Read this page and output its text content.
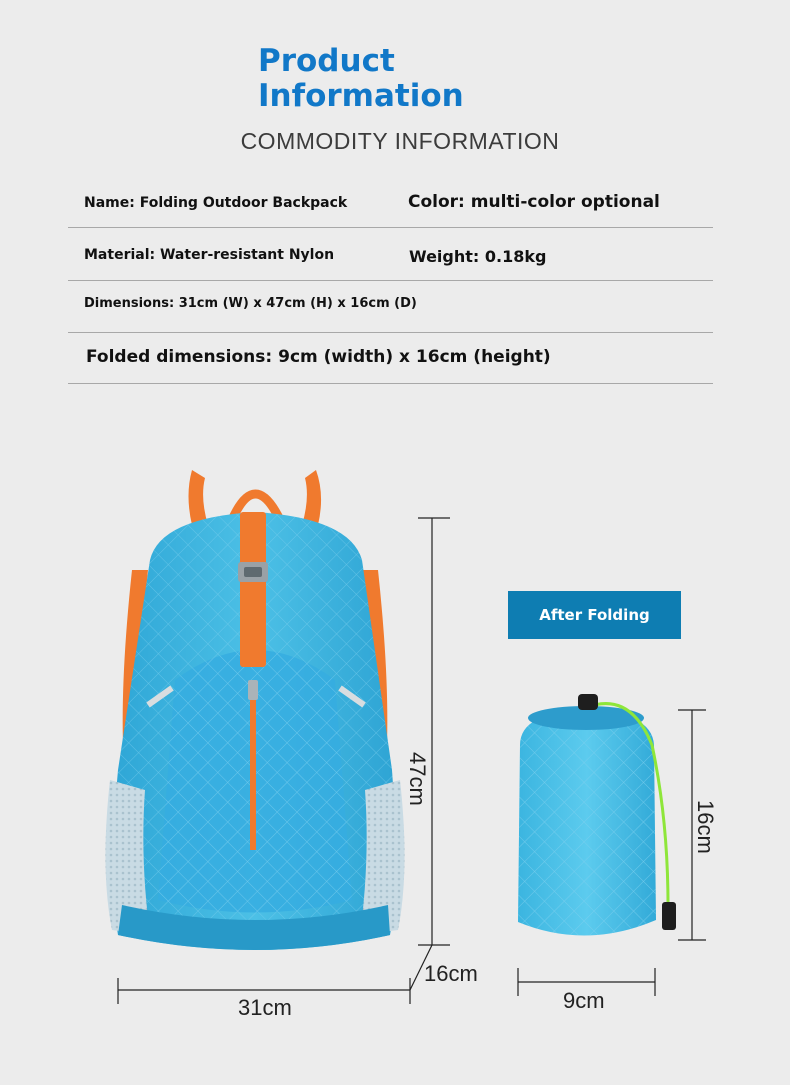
Product
Information
COMMODITY INFORMATION
Name: Folding Outdoor Backpack	Color: multi-color optional
Material: Water-resistant Nylon	Weight: 0.18kg
Dimensions: 31cm (W) x 47cm (H) x 16cm (D)
Folded dimensions: 9cm (width) x 16cm (height)
47cm
16cm
31cm
After Folding
16cm
9cm
